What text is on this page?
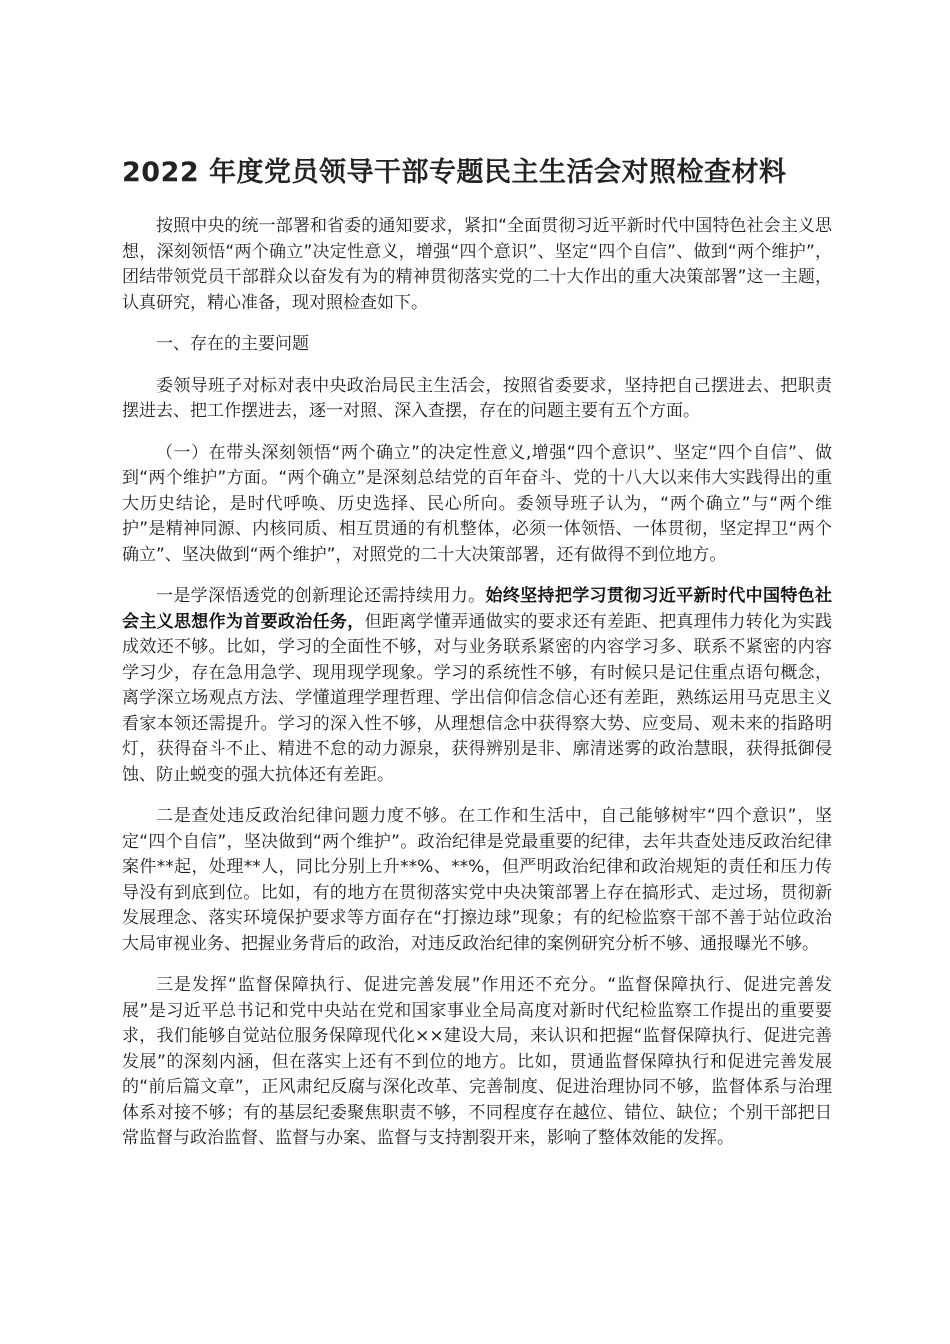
2022 年度党员领导干部专题民主生活会对照检查材料

按照中央的统一部署和省委的通知要求，紧扣“全面贯彻习近平新时代中国特色社会主义思想，深刻领悟“两个确立”决定性意义，增强“四个意识”、坚定“四个自信”、做到“两个维护”，团结带领党员干部群众以奋发有为的精神贯彻落实党的二十大作出的重大决策部署”这一主题，认真研究，精心准备，现对照检查如下。

一、存在的主要问题

委领导班子对标对表中央政治局民主生活会，按照省委要求，坚持把自己摆进去、把职责摆进去、把工作摆进去，逐一对照、深入查摆，存在的问题主要有五个方面。

（一）在带头深刻领悟“两个确立”的决定性意义,增强“四个意识”、坚定“四个自信”、做到“两个维护”方面。“两个确立”是深刻总结党的百年奋斗、党的十八大以来伟大实践得出的重大历史结论，是时代呼唤、历史选择、民心所向。委领导班子认为，“两个确立”与“两个维护”是精神同源、内核同质、相互贯通的有机整体，必须一体领悟、一体贯彻，坚定捍卫“两个确立”、坚决做到“两个维护”，对照党的二十大决策部署，还有做得不到位地方。

一是学深悟透党的创新理论还需持续用力。始终坚持把学习贯彻习近平新时代中国特色社会主义思想作为首要政治任务，但距离学懂弄通做实的要求还有差距、把真理伟力转化为实践成效还不够。比如，学习的全面性不够，对与业务联系紧密的内容学习多、联系不紧密的内容学习少，存在急用急学、现用现学现象。学习的系统性不够，有时候只是记住重点语句概念，离学深立场观点方法、学懂道理学理哲理、学出信仰信念信心还有差距，熟练运用马克思主义看家本领还需提升。学习的深入性不够，从理想信念中获得察大势、应变局、观未来的指路明灯，获得奋斗不止、精进不怠的动力源泉，获得辨别是非、廓清迷雾的政治慧眼，获得抵御侵蚀、防止蜕变的强大抗体还有差距。

二是查处违反政治纪律问题力度不够。在工作和生活中，自己能够树牢“四个意识”，坚定“四个自信”，坚决做到“两个维护”。政治纪律是党最重要的纪律，去年共查处违反政治纪律案件**起，处理**人，同比分别上升**%、**%，但严明政治纪律和政治规矩的责任和压力传导没有到底到位。比如，有的地方在贯彻落实党中央决策部署上存在搞形式、走过场，贯彻新发展理念、落实环境保护要求等方面存在“打擦边球”现象；有的纪检监察干部不善于站位政治大局审视业务、把握业务背后的政治，对违反政治纪律的案例研究分析不够、通报曝光不够。

三是发挥“监督保障执行、促进完善发展”作用还不充分。“监督保障执行、促进完善发展”是习近平总书记和党中央站在党和国家事业全局高度对新时代纪检监察工作提出的重要要求，我们能够自觉站位服务保障现代化××建设大局，来认识和把握“监督保障执行、促进完善发展”的深刻内涵，但在落实上还有不到位的地方。比如，贯通监督保障执行和促进完善发展的“前后篇文章”，正风肃纪反腐与深化改革、完善制度、促进治理协同不够，监督体系与治理体系对接不够；有的基层纪委聚焦职责不够，不同程度存在越位、错位、缺位；个别干部把日常监督与政治监督、监督与办案、监督与支持割裂开来，影响了整体效能的发挥。
